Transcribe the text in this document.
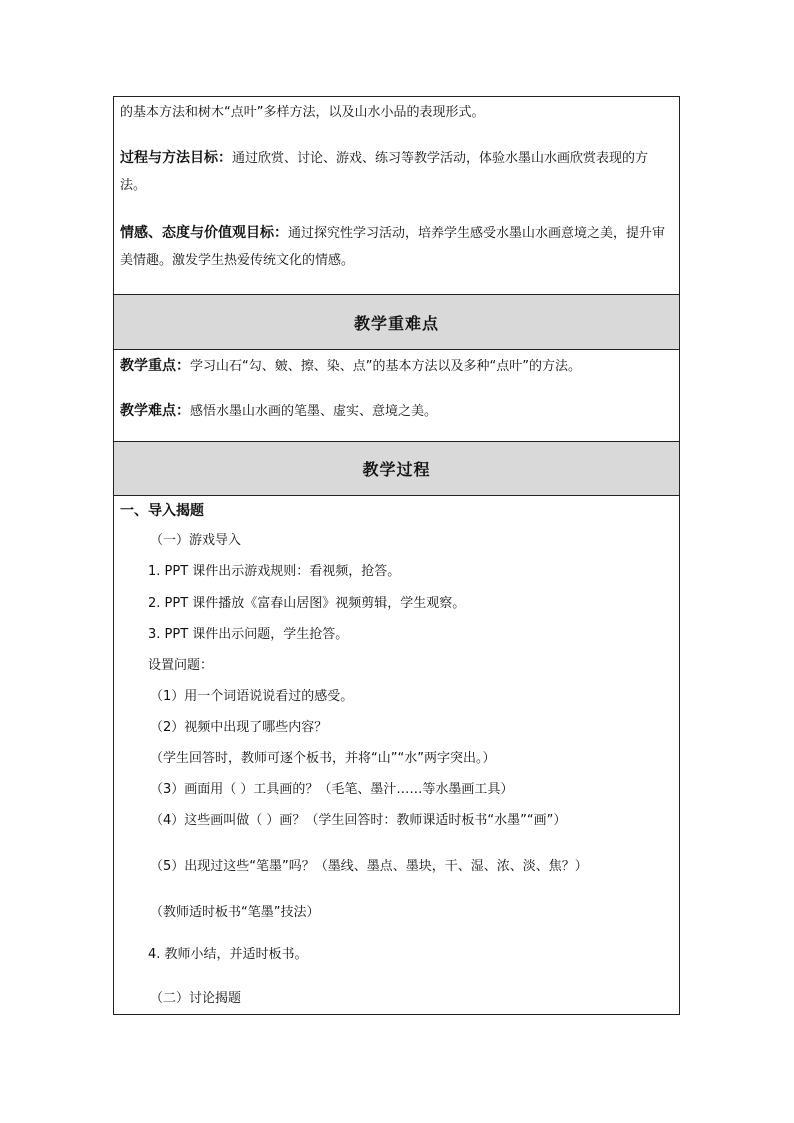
的基本方法和树木“点叶”多样方法，以及山水小品的表现形式。
过程与方法目标：通过欣赏、讨论、游戏、练习等教学活动，体验水墨山水画欣赏表现的方法。
情感、态度与价值观目标：通过探究性学习活动，培养学生感受水墨山水画意境之美，提升审美情趣。激发学生热爱传统文化的情感。
教学重难点
教学重点：学习山石“勾、皴、擦、染、点”的基本方法以及多种“点叶”的方法。
教学难点：感悟水墨山水画的笔墨、虚实、意境之美。
教学过程
一、导入揭题
（一）游戏导入
1. PPT 课件出示游戏规则：看视频，抢答。
2. PPT 课件播放《富春山居图》视频剪辑，学生观察。
3. PPT 课件出示问题，学生抢答。
设置问题：
（1）用一个词语说说看过的感受。
（2）视频中出现了哪些内容？
（学生回答时，教师可逐个板书，并将“山”“水”两字突出。）
（3）画面用（ ）工具画的？（毛笔、墨汁……等水墨画工具）
（4）这些画叫做（ ）画？（学生回答时：教师课适时板书“水墨”“画”）
（5）出现过这些“笔墨”吗？（墨线、墨点、墨块，干、湿、浓、淡、焦？）
（教师适时板书“笔墨”技法）
4. 教师小结，并适时板书。
（二）讨论揭题
